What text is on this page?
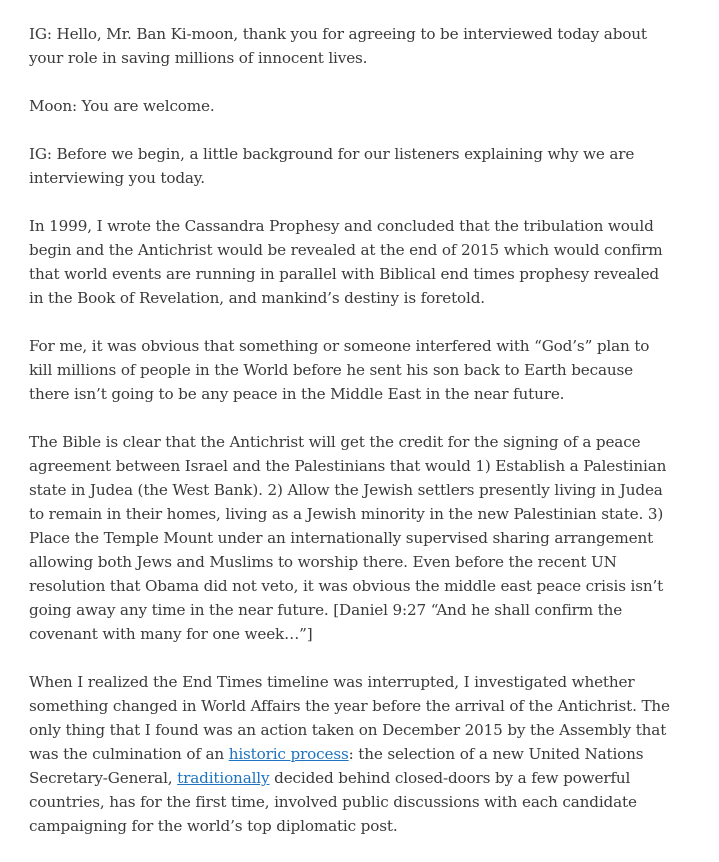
IG: Hello, Mr. Ban Ki-moon, thank you for agreeing to be interviewed today about your role in saving millions of innocent lives.

Moon: You are welcome.

IG: Before we begin, a little background for our listeners explaining why we are interviewing you today.

In 1999, I wrote the Cassandra Prophesy and concluded that the tribulation would begin and the Antichrist would be revealed at the end of 2015 which would confirm that world events are running in parallel with Biblical end times prophesy revealed in the Book of Revelation, and mankind’s destiny is foretold.

For me, it was obvious that something or someone interfered with “God’s” plan to kill millions of people in the World before he sent his son back to Earth because there isn’t going to be any peace in the Middle East in the near future.

The Bible is clear that the Antichrist will get the credit for the signing of a peace agreement between Israel and the Palestinians that would 1) Establish a Palestinian state in Judea (the West Bank). 2) Allow the Jewish settlers presently living in Judea to remain in their homes, living as a Jewish minority in the new Palestinian state. 3) Place the Temple Mount under an internationally supervised sharing arrangement allowing both Jews and Muslims to worship there. Even before the recent UN resolution that Obama did not veto, it was obvious the middle east peace crisis isn’t going away any time in the near future. [Daniel 9:27 “And he shall confirm the covenant with many for one week…”]

When I realized the End Times timeline was interrupted, I investigated whether something changed in World Affairs the year before the arrival of the Antichrist. The only thing that I found was an action taken on December 2015 by the Assembly that was the culmination of an historic process: the selection of a new United Nations Secretary-General, traditionally decided behind closed-doors by a few powerful countries, has for the first time, involved public discussions with each candidate campaigning for the world’s top diplomatic post.
